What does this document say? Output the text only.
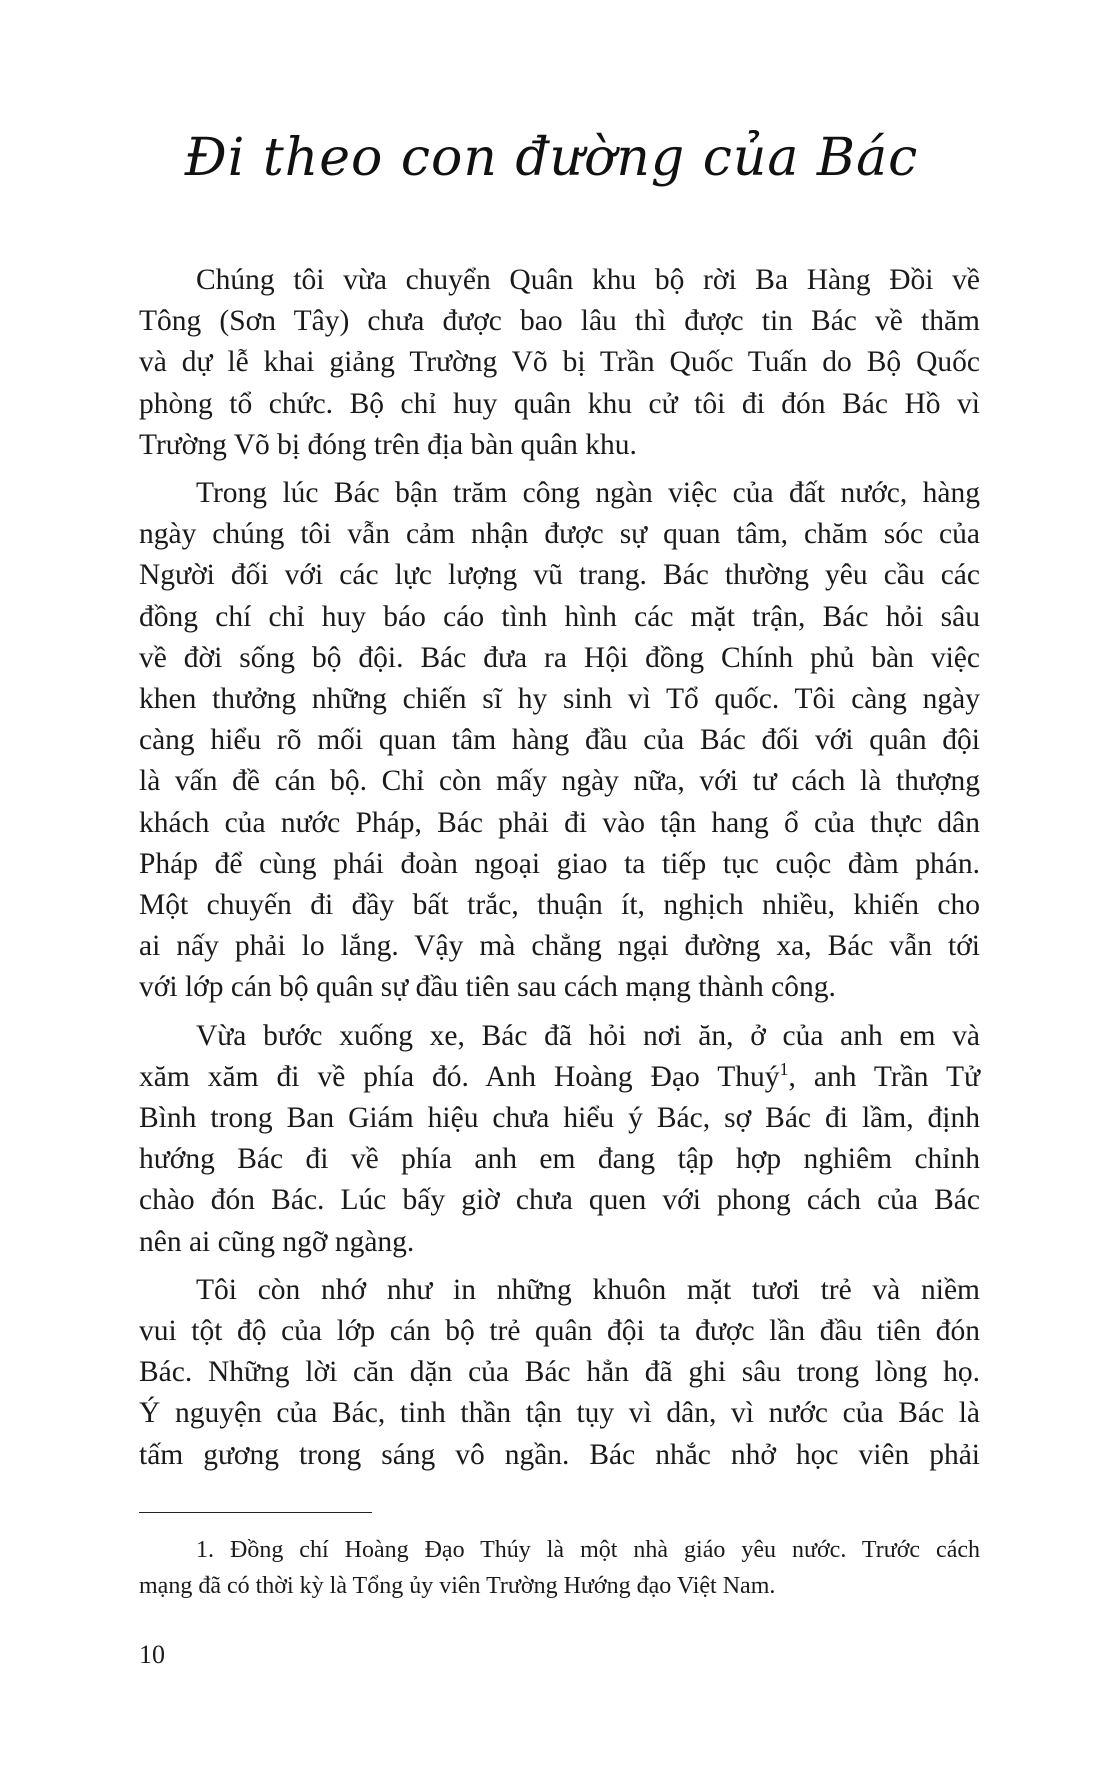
Đi theo con đường của Bác

Chúng tôi vừa chuyển Quân khu bộ rời Ba Hàng Đồi về
Tông (Sơn Tây) chưa được bao lâu thì được tin Bác về thăm
và dự lễ khai giảng Trường Võ bị Trần Quốc Tuấn do Bộ Quốc
phòng tổ chức. Bộ chỉ huy quân khu cử tôi đi đón Bác Hồ vì
Trường Võ bị đóng trên địa bàn quân khu.

Trong lúc Bác bận trăm công ngàn việc của đất nước, hàng
ngày chúng tôi vẫn cảm nhận được sự quan tâm, chăm sóc của
Người đối với các lực lượng vũ trang. Bác thường yêu cầu các
đồng chí chỉ huy báo cáo tình hình các mặt trận, Bác hỏi sâu
về đời sống bộ đội. Bác đưa ra Hội đồng Chính phủ bàn việc
khen thưởng những chiến sĩ hy sinh vì Tổ quốc. Tôi càng ngày
càng hiểu rõ mối quan tâm hàng đầu của Bác đối với quân đội
là vấn đề cán bộ. Chỉ còn mấy ngày nữa, với tư cách là thượng
khách của nước Pháp, Bác phải đi vào tận hang ổ của thực dân
Pháp để cùng phái đoàn ngoại giao ta tiếp tục cuộc đàm phán.
Một chuyến đi đầy bất trắc, thuận ít, nghịch nhiều, khiến cho
ai nấy phải lo lắng. Vậy mà chẳng ngại đường xa, Bác vẫn tới
với lớp cán bộ quân sự đầu tiên sau cách mạng thành công.

Vừa bước xuống xe, Bác đã hỏi nơi ăn, ở của anh em và
xăm xăm đi về phía đó. Anh Hoàng Đạo Thuý$^1$, anh Trần Tử
Bình trong Ban Giám hiệu chưa hiểu ý Bác, sợ Bác đi lầm, định
hướng Bác đi về phía anh em đang tập hợp nghiêm chỉnh
chào đón Bác. Lúc bấy giờ chưa quen với phong cách của Bác
nên ai cũng ngỡ ngàng.

Tôi còn nhớ như in những khuôn mặt tươi trẻ và niềm
vui tột độ của lớp cán bộ trẻ quân đội ta được lần đầu tiên đón
Bác. Những lời căn dặn của Bác hẳn đã ghi sâu trong lòng họ.
Ý nguyện của Bác, tinh thần tận tụy vì dân, vì nước của Bác là
tấm gương trong sáng vô ngần. Bác nhắc nhở học viên phải

1. Đồng chí Hoàng Đạo Thúy là một nhà giáo yêu nước. Trước cách
mạng đã có thời kỳ là Tổng ủy viên Trường Hướng đạo Việt Nam.
10
